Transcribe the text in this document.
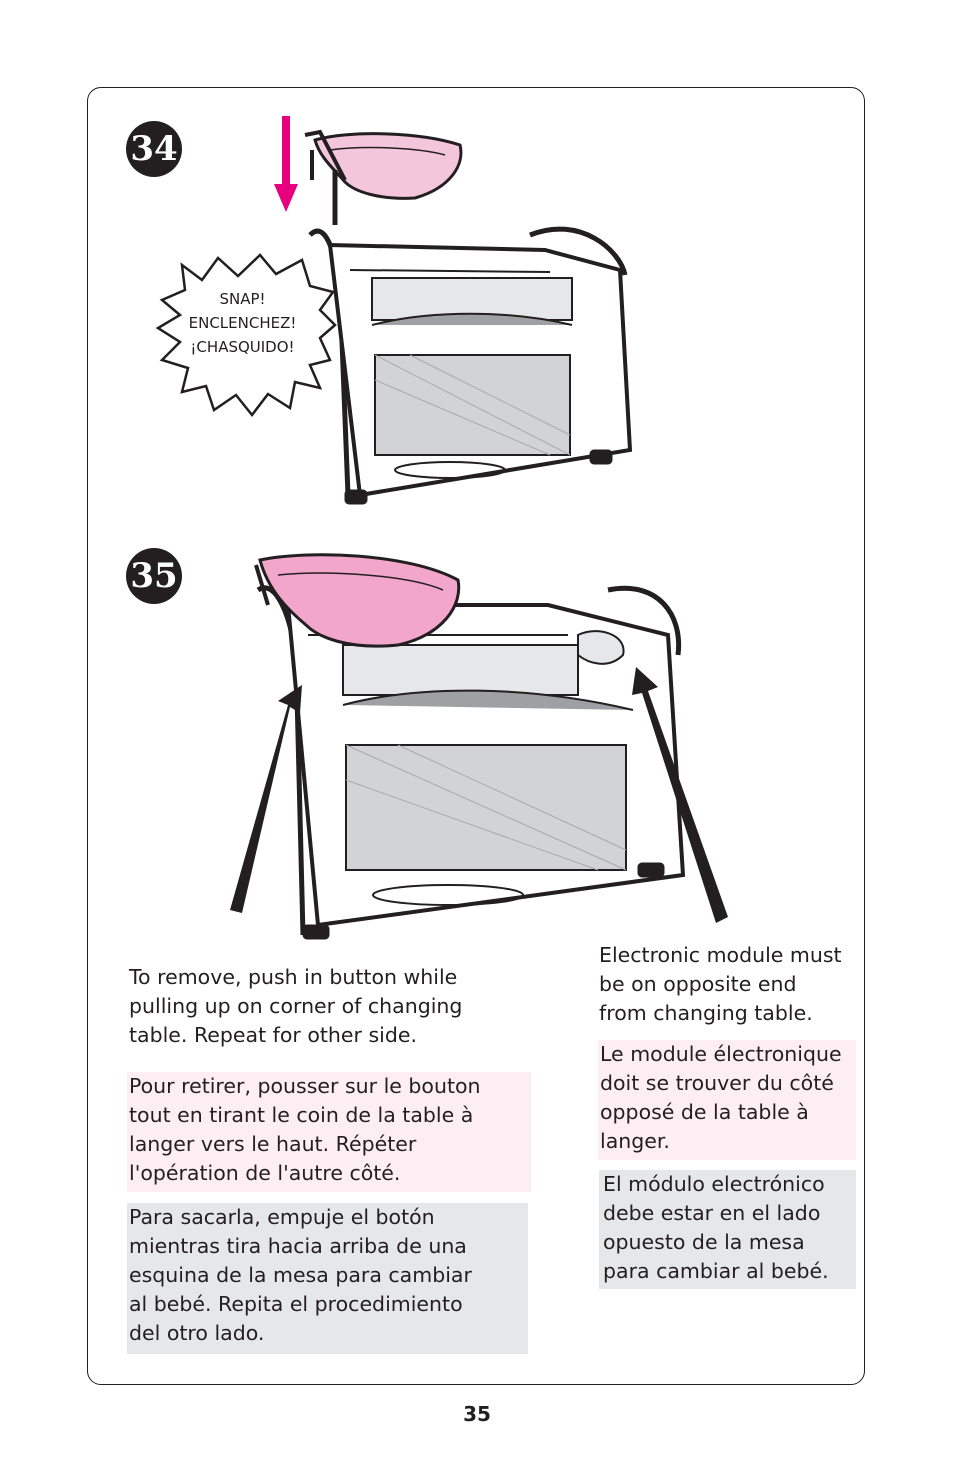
34
SNAP!
ENCLENCHEZ!
¡CHASQUIDO!
35

To remove, push in button while
pulling up on corner of changing
table. Repeat for other side.

Pour retirer, pousser sur le bouton
tout en tirant le coin de la table à
langer vers le haut. Répéter
l'opération de l'autre côté.

Para sacarla, empuje el botón
mientras tira hacia arriba de una
esquina de la mesa para cambiar
al bebé. Repita el procedimiento
del otro lado.

Electronic module must
be on opposite end
from changing table.

Le module électronique
doit se trouver du côté
opposé de la table à
langer.

El módulo electrónico
debe estar en el lado
opuesto de la mesa
para cambiar al bebé.

35
